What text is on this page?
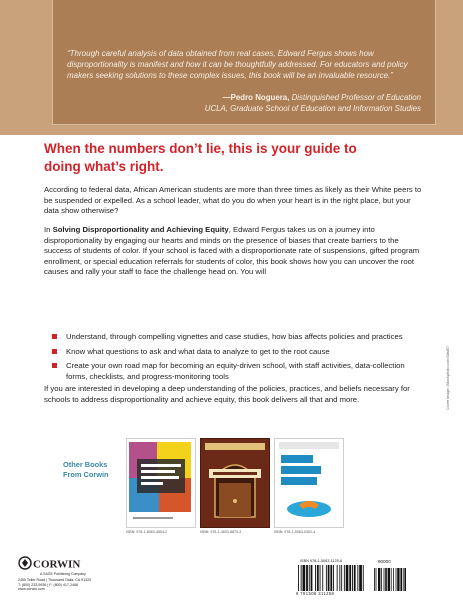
“Through careful analysis of data obtained from real cases, Edward Fergus shows how disproportionality is manifest and how it can be thoughtfully addressed. For educators and policy makers seeking solutions to these complex issues, this book will be an invaluable resource.”

—Pedro Noguera, Distinguished Professor of Education

UCLA, Graduate School of Education and Information Studies

When the numbers don’t lie, this is your guide to
doing what’s right.

According to federal data, African American students are more than three times as likely as their White peers to be suspended or expelled. As a school leader, what do you do when your heart is in the right place, but your data show otherwise?

In Solving Disproportionality and Achieving Equity, Edward Fergus takes us on a journey into disproportionality by engaging our hearts and minds on the presence of biases that create barriers to the success of students of color. If your school is faced with a disproportionate rate of suspensions, gifted program enrollment, or special education referrals for students of color, this book shows how you can uncover the root causes and rally your staff to face the challenge head on. You will

Understand, through compelling vignettes and case studies, how bias affects policies and practices
Know what questions to ask and what data to analyze to get to the root cause
Create your own road map for becoming an equity-driven school, with staff activities, data-collection forms, checklists, and progress-monitoring tools

If you are interested in developing a deep understanding of the policies, practices, and beliefs necessary for schools to address disproportionality and achieve equity, this book delivers all that and more.

Other Books From Corwin

ISBN: 978-1-5063-4504-2	ISBN: 978-1-4833-8879-3	ISBN: 978-1-5063-0302-4
CORWIN
A SAGE Publishing Company
2455 Teller Road | Thousand Oaks, CA 91320
T: (800) 233-9936 | F: (800) 417-2466
www.corwin.com
ISBN 978-1-5063-1125-8	90000
9 781506 311258
Cover image: iStockphoto.com/3dst57
